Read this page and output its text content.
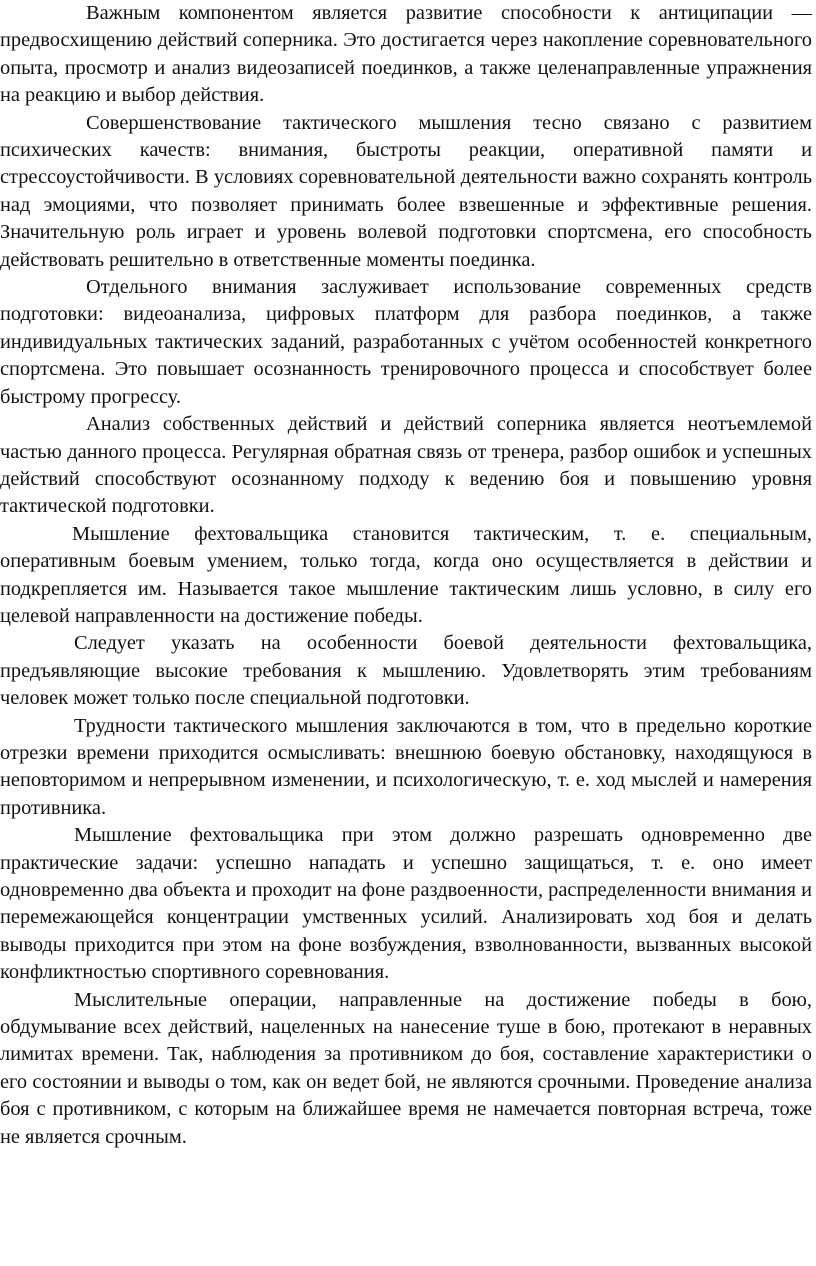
Важным компонентом является развитие способности к антиципации — предвосхищению действий соперника. Это достигается через накопление соревновательного опыта, просмотр и анализ видеозаписей поединков, а также целенаправленные упражнения на реакцию и выбор действия.

Совершенствование тактического мышления тесно связано с развитием психических качеств: внимания, быстроты реакции, оперативной памяти и стрессоустойчивости. В условиях соревновательной деятельности важно сохранять контроль над эмоциями, что позволяет принимать более взвешенные и эффективные решения. Значительную роль играет и уровень волевой подготовки спортсмена, его способность действовать решительно в ответственные моменты поединка.

Отдельного внимания заслуживает использование современных средств подготовки: видеоанализа, цифровых платформ для разбора поединков, а также индивидуальных тактических заданий, разработанных с учётом особенностей конкретного спортсмена. Это повышает осознанность тренировочного процесса и способствует более быстрому прогрессу.

Анализ собственных действий и действий соперника является неотъемлемой частью данного процесса. Регулярная обратная связь от тренера, разбор ошибок и успешных действий способствуют осознанному подходу к ведению боя и повышению уровня тактической подготовки.

Мышление фехтовальщика становится тактическим, т. е. специальным, оперативным боевым умением, только тогда, когда оно осуществляется в действии и подкрепляется им. Называется такое мышление тактическим лишь условно, в силу его целевой направленности на достижение победы.

Следует указать на особенности боевой деятельности фехтовальщика, предъявляющие высокие требования к мышлению. Удовлетворять этим требованиям человек может только после специальной подготовки.

Трудности тактического мышления заключаются в том, что в предельно короткие отрезки времени приходится осмысливать: внешнюю боевую обстановку, находящуюся в неповторимом и непрерывном изменении, и психологическую, т. е. ход мыслей и намерения противника.

Мышление фехтовальщика при этом должно разрешать одновременно две практические задачи: успешно нападать и успешно защищаться, т. е. оно имеет одновременно два объекта и проходит на фоне раздвоенности, распределенности внимания и перемежающейся концентрации умственных усилий. Анализировать ход боя и делать выводы приходится при этом на фоне возбуждения, взволнованности, вызванных высокой конфликтностью спортивного соревнования.

Мыслительные операции, направленные на достижение победы в бою, обдумывание всех действий, нацеленных на нанесение туше в бою, протекают в неравных лимитах времени. Так, наблюдения за противником до боя, составление характеристики о его состоянии и выводы о том, как он ведет бой, не являются срочными. Проведение анализа боя с противником, с которым на ближайшее время не намечается повторная встреча, тоже не является срочным.
